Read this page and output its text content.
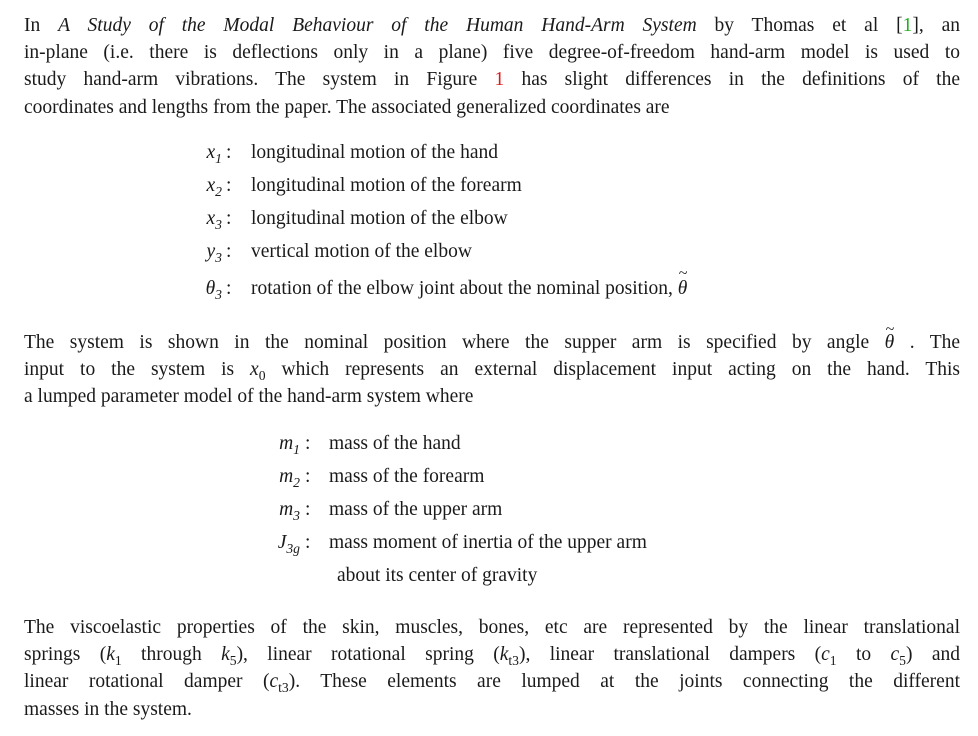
In A Study of the Modal Behaviour of the Human Hand-Arm System by Thomas et al [1], an
in-plane (i.e. there is deflections only in a plane) five degree-of-freedom hand-arm model is used to
study hand-arm vibrations. The system in Figure 1 has slight differences in the definitions of the
coordinates and lengths from the paper. The associated generalized coordinates are
$x_1$ : longitudinal motion of the hand
$x_2$ : longitudinal motion of the forearm
$x_3$ : longitudinal motion of the elbow
$y_3$ : vertical motion of the elbow
$\theta_3$ : rotation of the elbow joint about the nominal position, ~ θ
The system is shown in the nominal position where the supper arm is specified by angle ~ θ . The
input to the system is $x_0$ which represents an external displacement input acting on the hand. This
a lumped parameter model of the hand-arm system where
$m_1$ : mass of the hand
$m_2$ : mass of the forearm
$m_3$ : mass of the upper arm
$J_{3g}$ : mass moment of inertia of the upper arm
about its center of gravity
The viscoelastic properties of the skin, muscles, bones, etc are represented by the linear translational
springs ($k_1$ through $k_5$), linear rotational spring $(k_{t3})$, linear translational dampers ($c_1$ to $c_5$) and
linear rotational damper $(c_{t3})$. These elements are lumped at the joints connecting the different
masses in the system.
